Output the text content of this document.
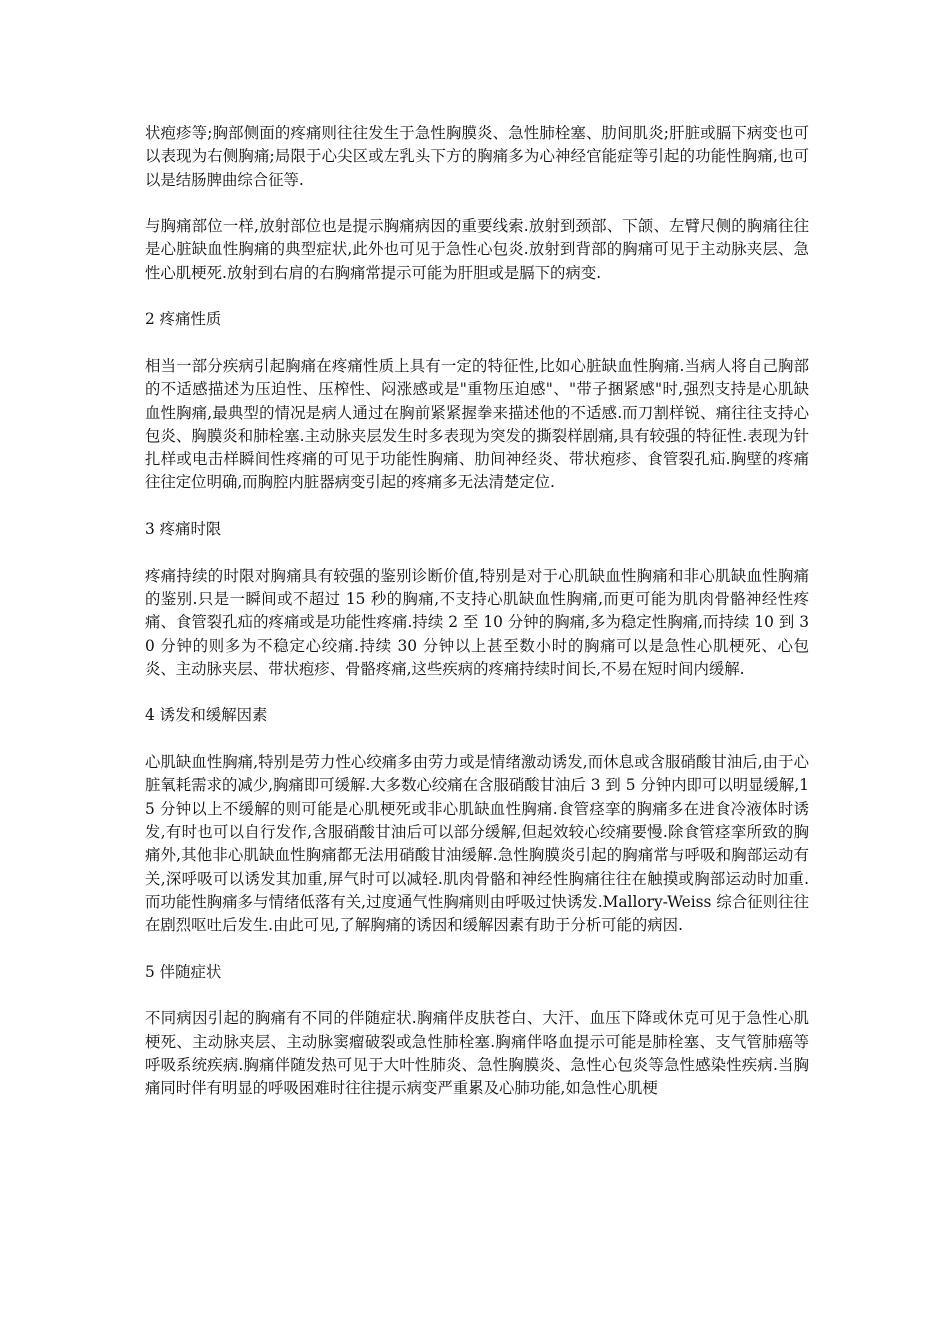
状疱疹等;胸部侧面的疼痛则往往发生于急性胸膜炎、急性肺栓塞、肋间肌炎;肝脏或膈下病变也可以表现为右侧胸痛;局限于心尖区或左乳头下方的胸痛多为心神经官能症等引起的功能性胸痛,也可以是结肠脾曲综合征等.

与胸痛部位一样,放射部位也是提示胸痛病因的重要线索.放射到颈部、下颌、左臂尺侧的胸痛往往是心脏缺血性胸痛的典型症状,此外也可见于急性心包炎.放射到背部的胸痛可见于主动脉夹层、急性心肌梗死.放射到右肩的右胸痛常提示可能为肝胆或是膈下的病变.

2 疼痛性质

相当一部分疾病引起胸痛在疼痛性质上具有一定的特征性,比如心脏缺血性胸痛.当病人将自己胸部的不适感描述为压迫性、压榨性、闷涨感或是"重物压迫感"、"带子捆紧感"时,强烈支持是心肌缺血性胸痛,最典型的情况是病人通过在胸前紧紧握拳来描述他的不适感.而刀割样锐、痛往往支持心包炎、胸膜炎和肺栓塞.主动脉夹层发生时多表现为突发的撕裂样剧痛,具有较强的特征性.表现为针扎样或电击样瞬间性疼痛的可见于功能性胸痛、肋间神经炎、带状疱疹、食管裂孔疝.胸壁的疼痛往往定位明确,而胸腔内脏器病变引起的疼痛多无法清楚定位.

3 疼痛时限

疼痛持续的时限对胸痛具有较强的鉴别诊断价值,特别是对于心肌缺血性胸痛和非心肌缺血性胸痛的鉴别.只是一瞬间或不超过 15 秒的胸痛,不支持心肌缺血性胸痛,而更可能为肌肉骨骼神经性疼痛、食管裂孔疝的疼痛或是功能性疼痛.持续 2 至 10 分钟的胸痛,多为稳定性胸痛,而持续 10 到 30 分钟的则多为不稳定心绞痛.持续 30 分钟以上甚至数小时的胸痛可以是急性心肌梗死、心包炎、主动脉夹层、带状疱疹、骨骼疼痛,这些疾病的疼痛持续时间长,不易在短时间内缓解.

4 诱发和缓解因素

心肌缺血性胸痛,特别是劳力性心绞痛多由劳力或是情绪激动诱发,而休息或含服硝酸甘油后,由于心脏氧耗需求的减少,胸痛即可缓解.大多数心绞痛在含服硝酸甘油后 3 到 5 分钟内即可以明显缓解,15 分钟以上不缓解的则可能是心肌梗死或非心肌缺血性胸痛.食管痉挛的胸痛多在进食冷液体时诱发,有时也可以自行发作,含服硝酸甘油后可以部分缓解,但起效较心绞痛要慢.除食管痉挛所致的胸痛外,其他非心肌缺血性胸痛都无法用硝酸甘油缓解.急性胸膜炎引起的胸痛常与呼吸和胸部运动有关,深呼吸可以诱发其加重,屏气时可以减轻.肌肉骨骼和神经性胸痛往往在触摸或胸部运动时加重.而功能性胸痛多与情绪低落有关,过度通气性胸痛则由呼吸过快诱发.Mallory-Weiss 综合征则往往在剧烈呕吐后发生.由此可见,了解胸痛的诱因和缓解因素有助于分析可能的病因.

5 伴随症状

不同病因引起的胸痛有不同的伴随症状.胸痛伴皮肤苍白、大汗、血压下降或休克可见于急性心肌梗死、主动脉夹层、主动脉窦瘤破裂或急性肺栓塞.胸痛伴咯血提示可能是肺栓塞、支气管肺癌等呼吸系统疾病.胸痛伴随发热可见于大叶性肺炎、急性胸膜炎、急性心包炎等急性感染性疾病.当胸痛同时伴有明显的呼吸困难时往往提示病变严重累及心肺功能,如急性心肌梗
